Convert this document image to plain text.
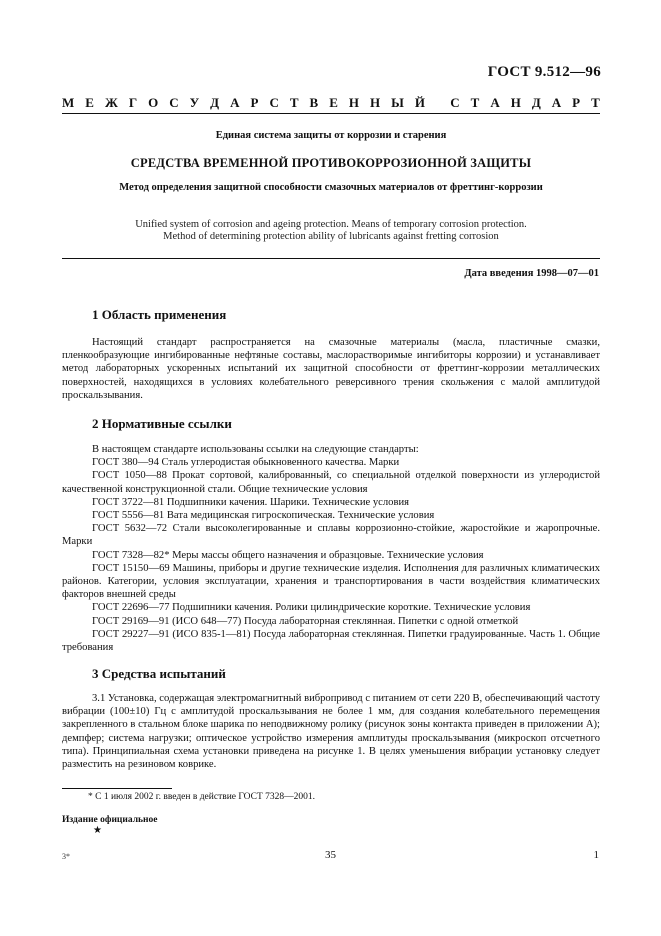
ГОСТ 9.512—96
М Е Ж Г О С У Д А Р С Т В Е Н Н Ы Й
С Т А Н Д А Р Т
Единая система защиты от коррозии и старения
СРЕДСТВА ВРЕМЕННОЙ ПРОТИВОКОРРОЗИОННОЙ ЗАЩИТЫ
Метод определения защитной способности смазочных материалов от фреттинг-коррозии
Unified system of corrosion and ageing protection. Means of temporary corrosion protection.
Method of determining protection ability of lubricants against fretting corrosion
Дата введения 1998—07—01
1 Область применения

Настоящий стандарт распространяется на смазочные материалы (масла, пластичные смазки, пленкообразующие ингибированные нефтяные составы, маслорастворимые ингибиторы коррозии) и устанавливает метод лабораторных ускоренных испытаний их защитной способности от фреттинг-коррозии металлических поверхностей, находящихся в условиях колебательного реверсивного трения скольжения с малой амплитудой проскальзывания.

2 Нормативные ссылки

В настоящем стандарте использованы ссылки на следующие стандарты:

ГОСТ 380—94 Сталь углеродистая обыкновенного качества. Марки

ГОСТ 1050—88 Прокат сортовой, калиброванный, со специальной отделкой поверхности из углеродистой качественной конструкционной стали. Общие технические условия

ГОСТ 3722—81 Подшипники качения. Шарики. Технические условия

ГОСТ 5556—81 Вата медицинская гигроскопическая. Технические условия

ГОСТ 5632—72 Стали высоколегированные и сплавы коррозионно-стойкие, жаростойкие и жаропрочные. Марки

ГОСТ 7328—82* Меры массы общего назначения и образцовые. Технические условия

ГОСТ 15150—69 Машины, приборы и другие технические изделия. Исполнения для различных климатических районов. Категории, условия эксплуатации, хранения и транспортирования в части воздействия климатических факторов внешней среды

ГОСТ 22696—77 Подшипники качения. Ролики цилиндрические короткие. Технические условия

ГОСТ 29169—91 (ИСО 648—77) Посуда лабораторная стеклянная. Пипетки с одной отметкой

ГОСТ 29227—91 (ИСО 835-1—81) Посуда лабораторная стеклянная. Пипетки градуированные. Часть 1. Общие требования

3 Средства испытаний

3.1 Установка, содержащая электромагнитный вибропривод с питанием от сети 220 В, обеспечивающий частоту вибрации (100±10) Гц с амплитудой проскальзывания не более 1 мм, для создания колебательного перемещения закрепленного в стальном блоке шарика по неподвижному ролику (рисунок зоны контакта приведен в приложении А); демпфер; система нагрузки; оптическое устройство измерения амплитуды проскальзывания (микроскоп отсчетного типа). Принципиальная схема установки приведена на рисунке 1. В целях уменьшения вибрации установку следует разместить на резиновом коврике.

* С 1 июля 2002 г. введен в действие ГОСТ 7328—2001.
Издание официальное
★
3*	35	1
